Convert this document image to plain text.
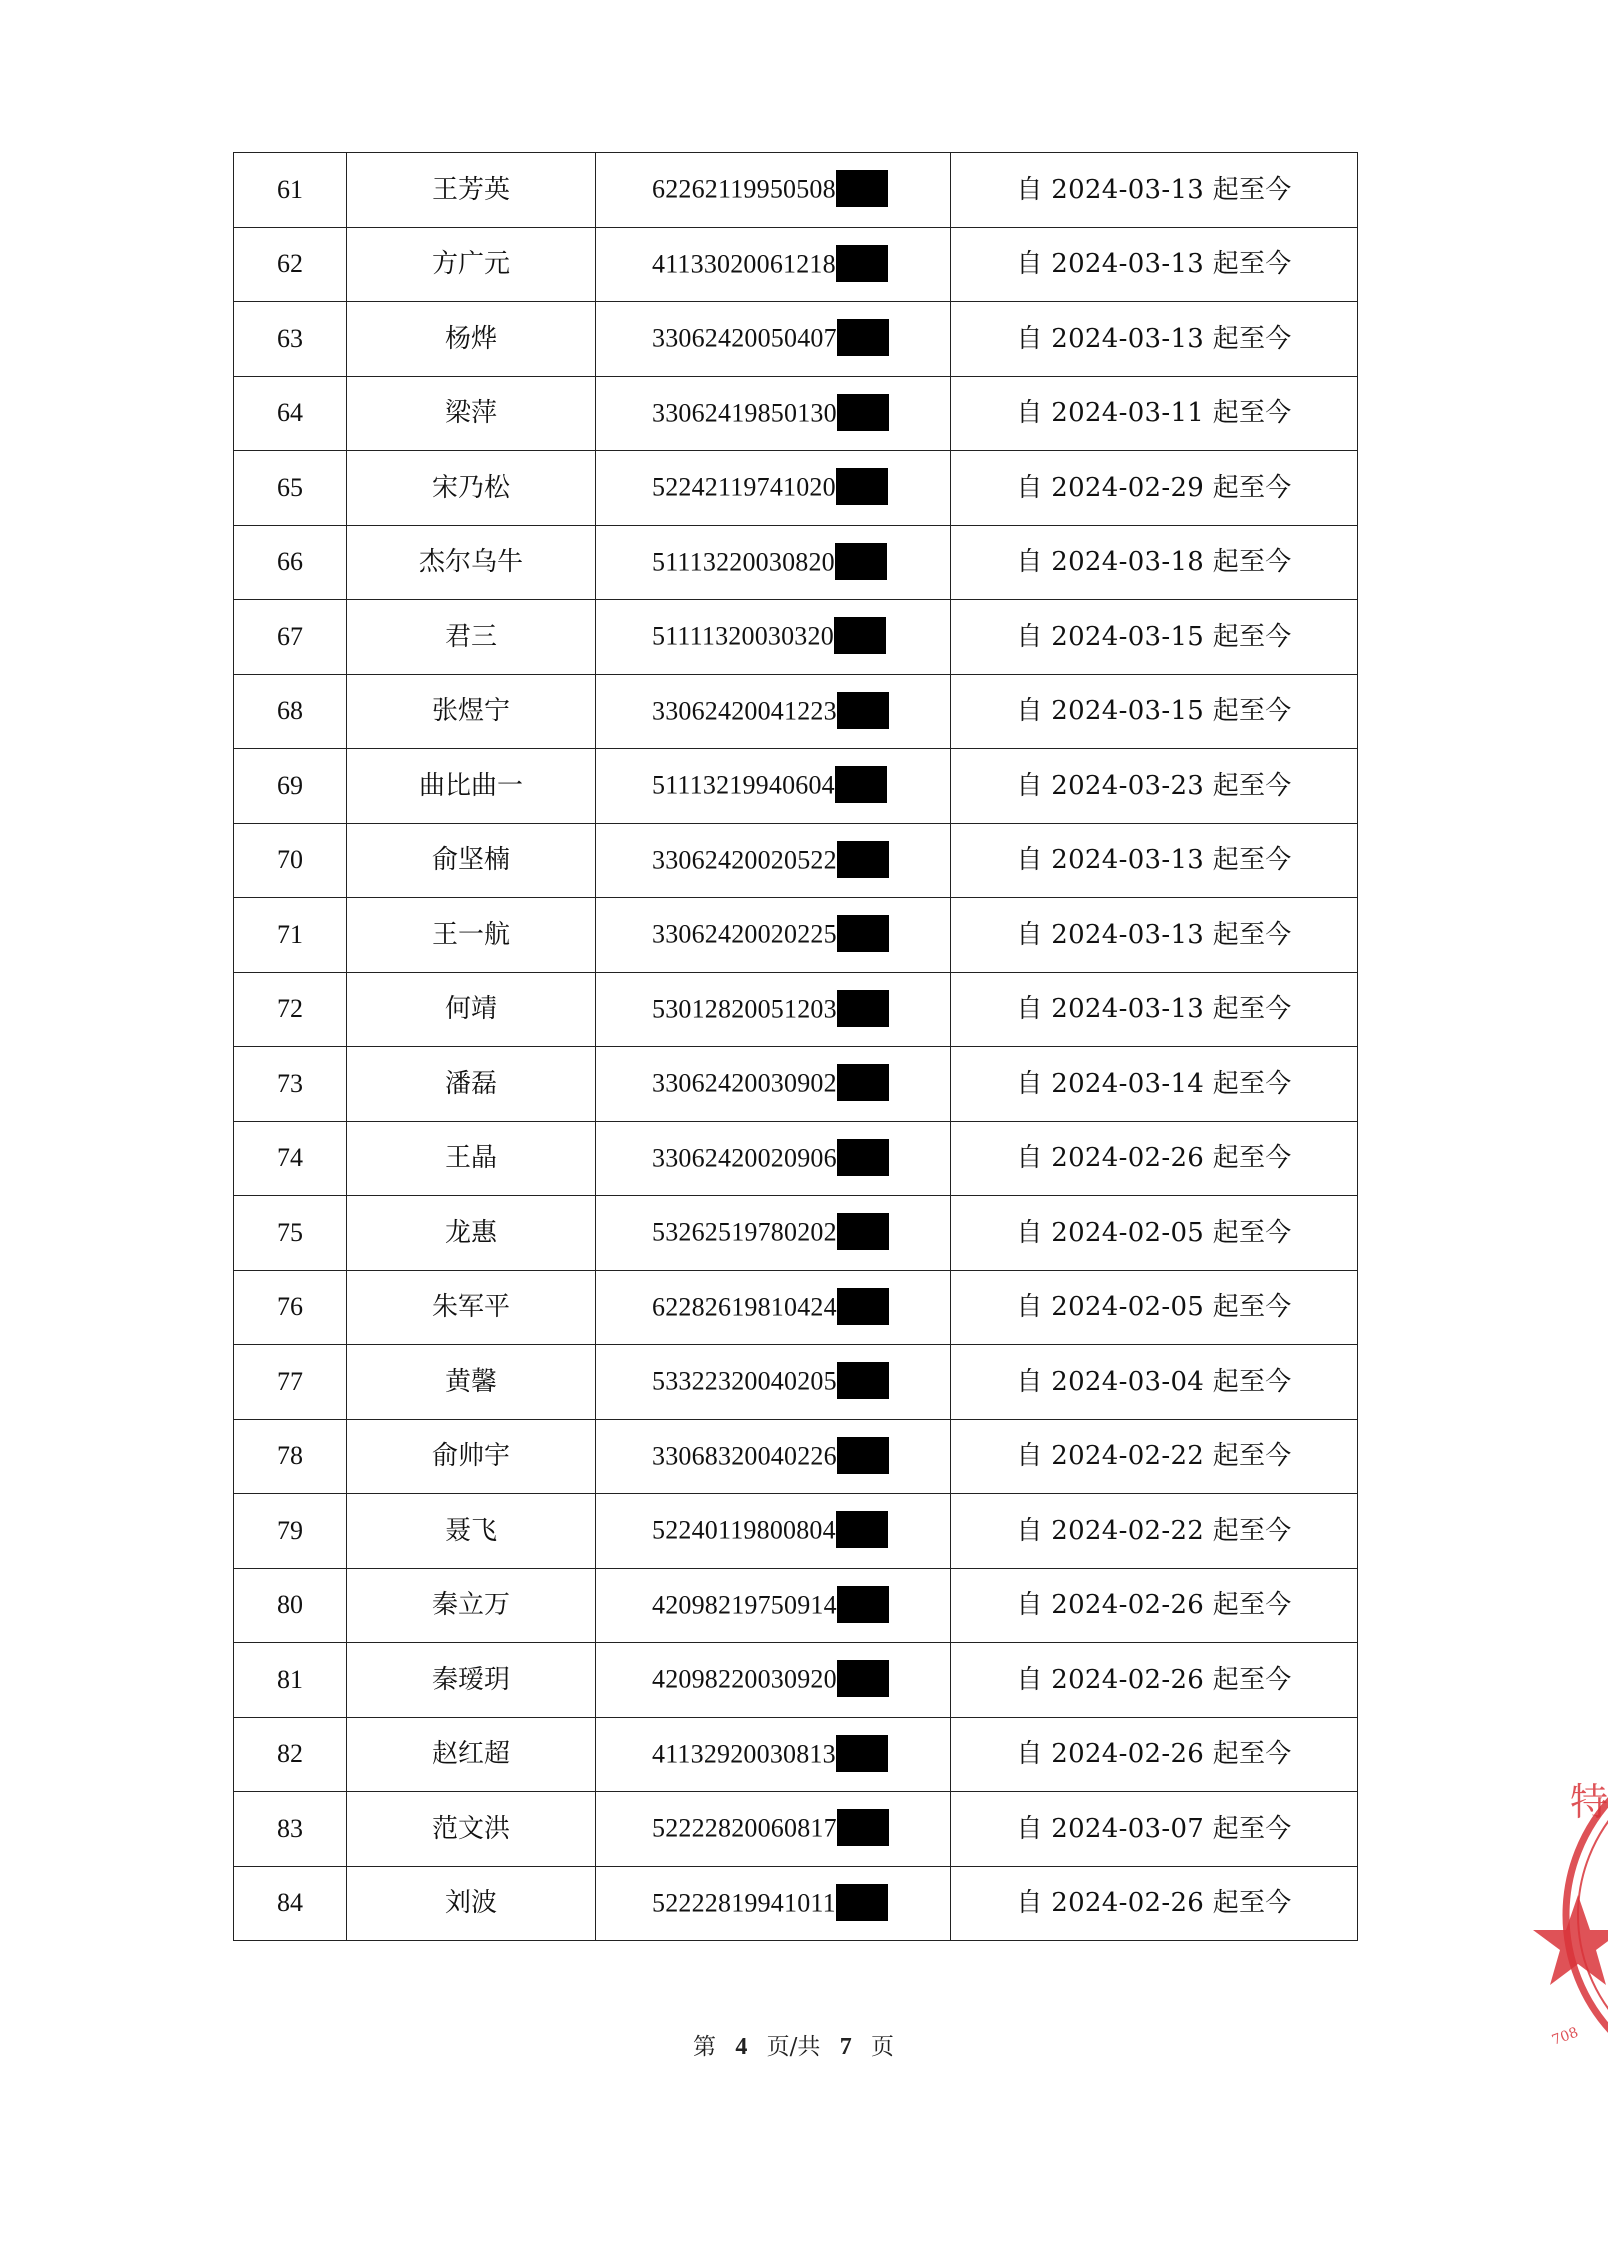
61	王芳英	62262119950508	自 2024-03-13 起至今
62	方广元	41133020061218	自 2024-03-13 起至今
63	杨烨	33062420050407	自 2024-03-13 起至今
64	梁萍	33062419850130	自 2024-03-11 起至今
65	宋乃松	52242119741020	自 2024-02-29 起至今
66	杰尔乌牛	51113220030820	自 2024-03-18 起至今
67	君三	51111320030320	自 2024-03-15 起至今
68	张煜宁	33062420041223	自 2024-03-15 起至今
69	曲比曲一	51113219940604	自 2024-03-23 起至今
70	俞坚楠	33062420020522	自 2024-03-13 起至今
71	王一航	33062420020225	自 2024-03-13 起至今
72	何靖	53012820051203	自 2024-03-13 起至今
73	潘磊	33062420030902	自 2024-03-14 起至今
74	王晶	33062420020906	自 2024-02-26 起至今
75	龙惠	53262519780202	自 2024-02-05 起至今
76	朱军平	62282619810424	自 2024-02-05 起至今
77	黄馨	53322320040205	自 2024-03-04 起至今
78	俞帅宇	33068320040226	自 2024-02-22 起至今
79	聂飞	52240119800804	自 2024-02-22 起至今
80	秦立万	42098219750914	自 2024-02-26 起至今
81	秦瑷玥	42098220030920	自 2024-02-26 起至今
82	赵红超	41132920030813	自 2024-02-26 起至今
83	范文洪	52222820060817	自 2024-03-07 起至今
84	刘波	52222819941011	自 2024-02-26 起至今
第 4 页/共 7 页
特
708
